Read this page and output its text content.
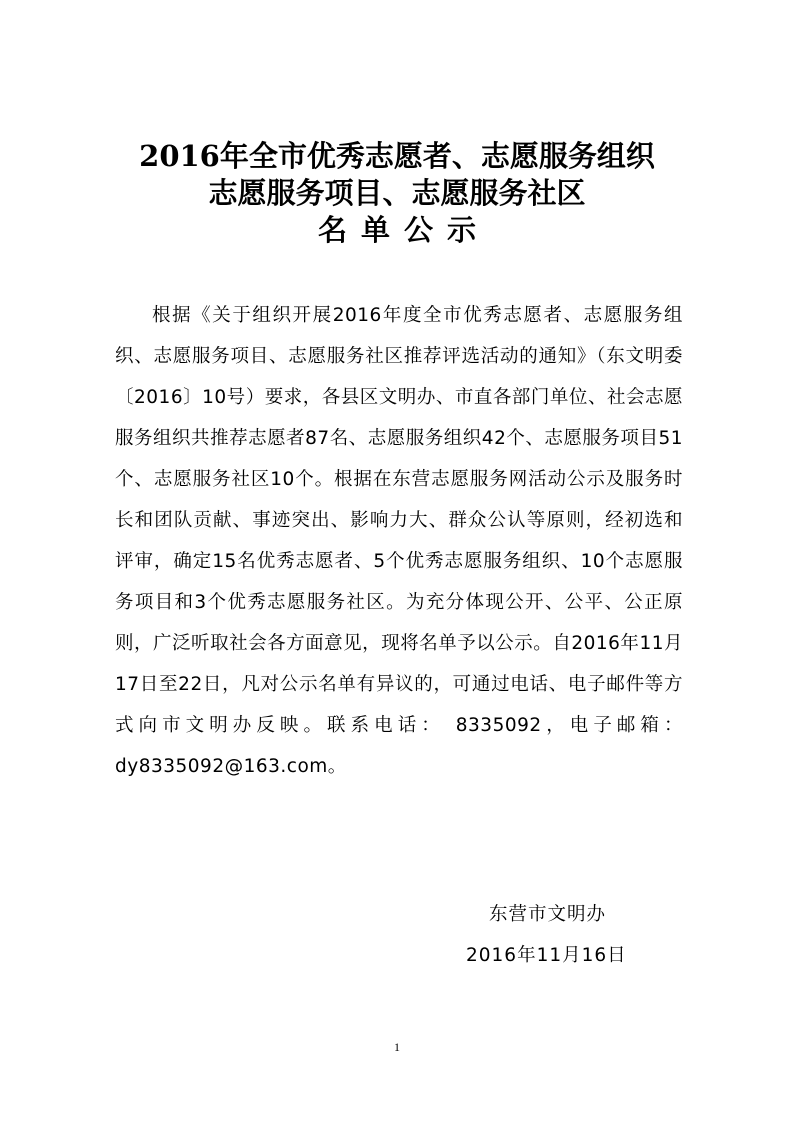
2016年全市优秀志愿者、志愿服务组织
志愿服务项目、志愿服务社区
名单公示

根据《关于组织开展2016年度全市优秀志愿者、志愿服务组织、志愿服务项目、志愿服务社区推荐评选活动的通知》（东文明委〔2016〕10号）要求，各县区文明办、市直各部门单位、社会志愿服务组织共推荐志愿者87名、志愿服务组织42个、志愿服务项目51个、志愿服务社区10个。根据在东营志愿服务网活动公示及服务时长和团队贡献、事迹突出、影响力大、群众公认等原则，经初选和评审，确定15名优秀志愿者、5个优秀志愿服务组织、10个志愿服务项目和3个优秀志愿服务社区。为充分体现公开、公平、公正原则，广泛听取社会各方面意见，现将名单予以公示。自2016年11月17日至22日，凡对公示名单有异议的，可通过电话、电子邮件等方式向市文明办反映。联系电话： 8335092，电子邮箱：dy8335092@163.com。

东营市文明办
2016年11月16日
1
